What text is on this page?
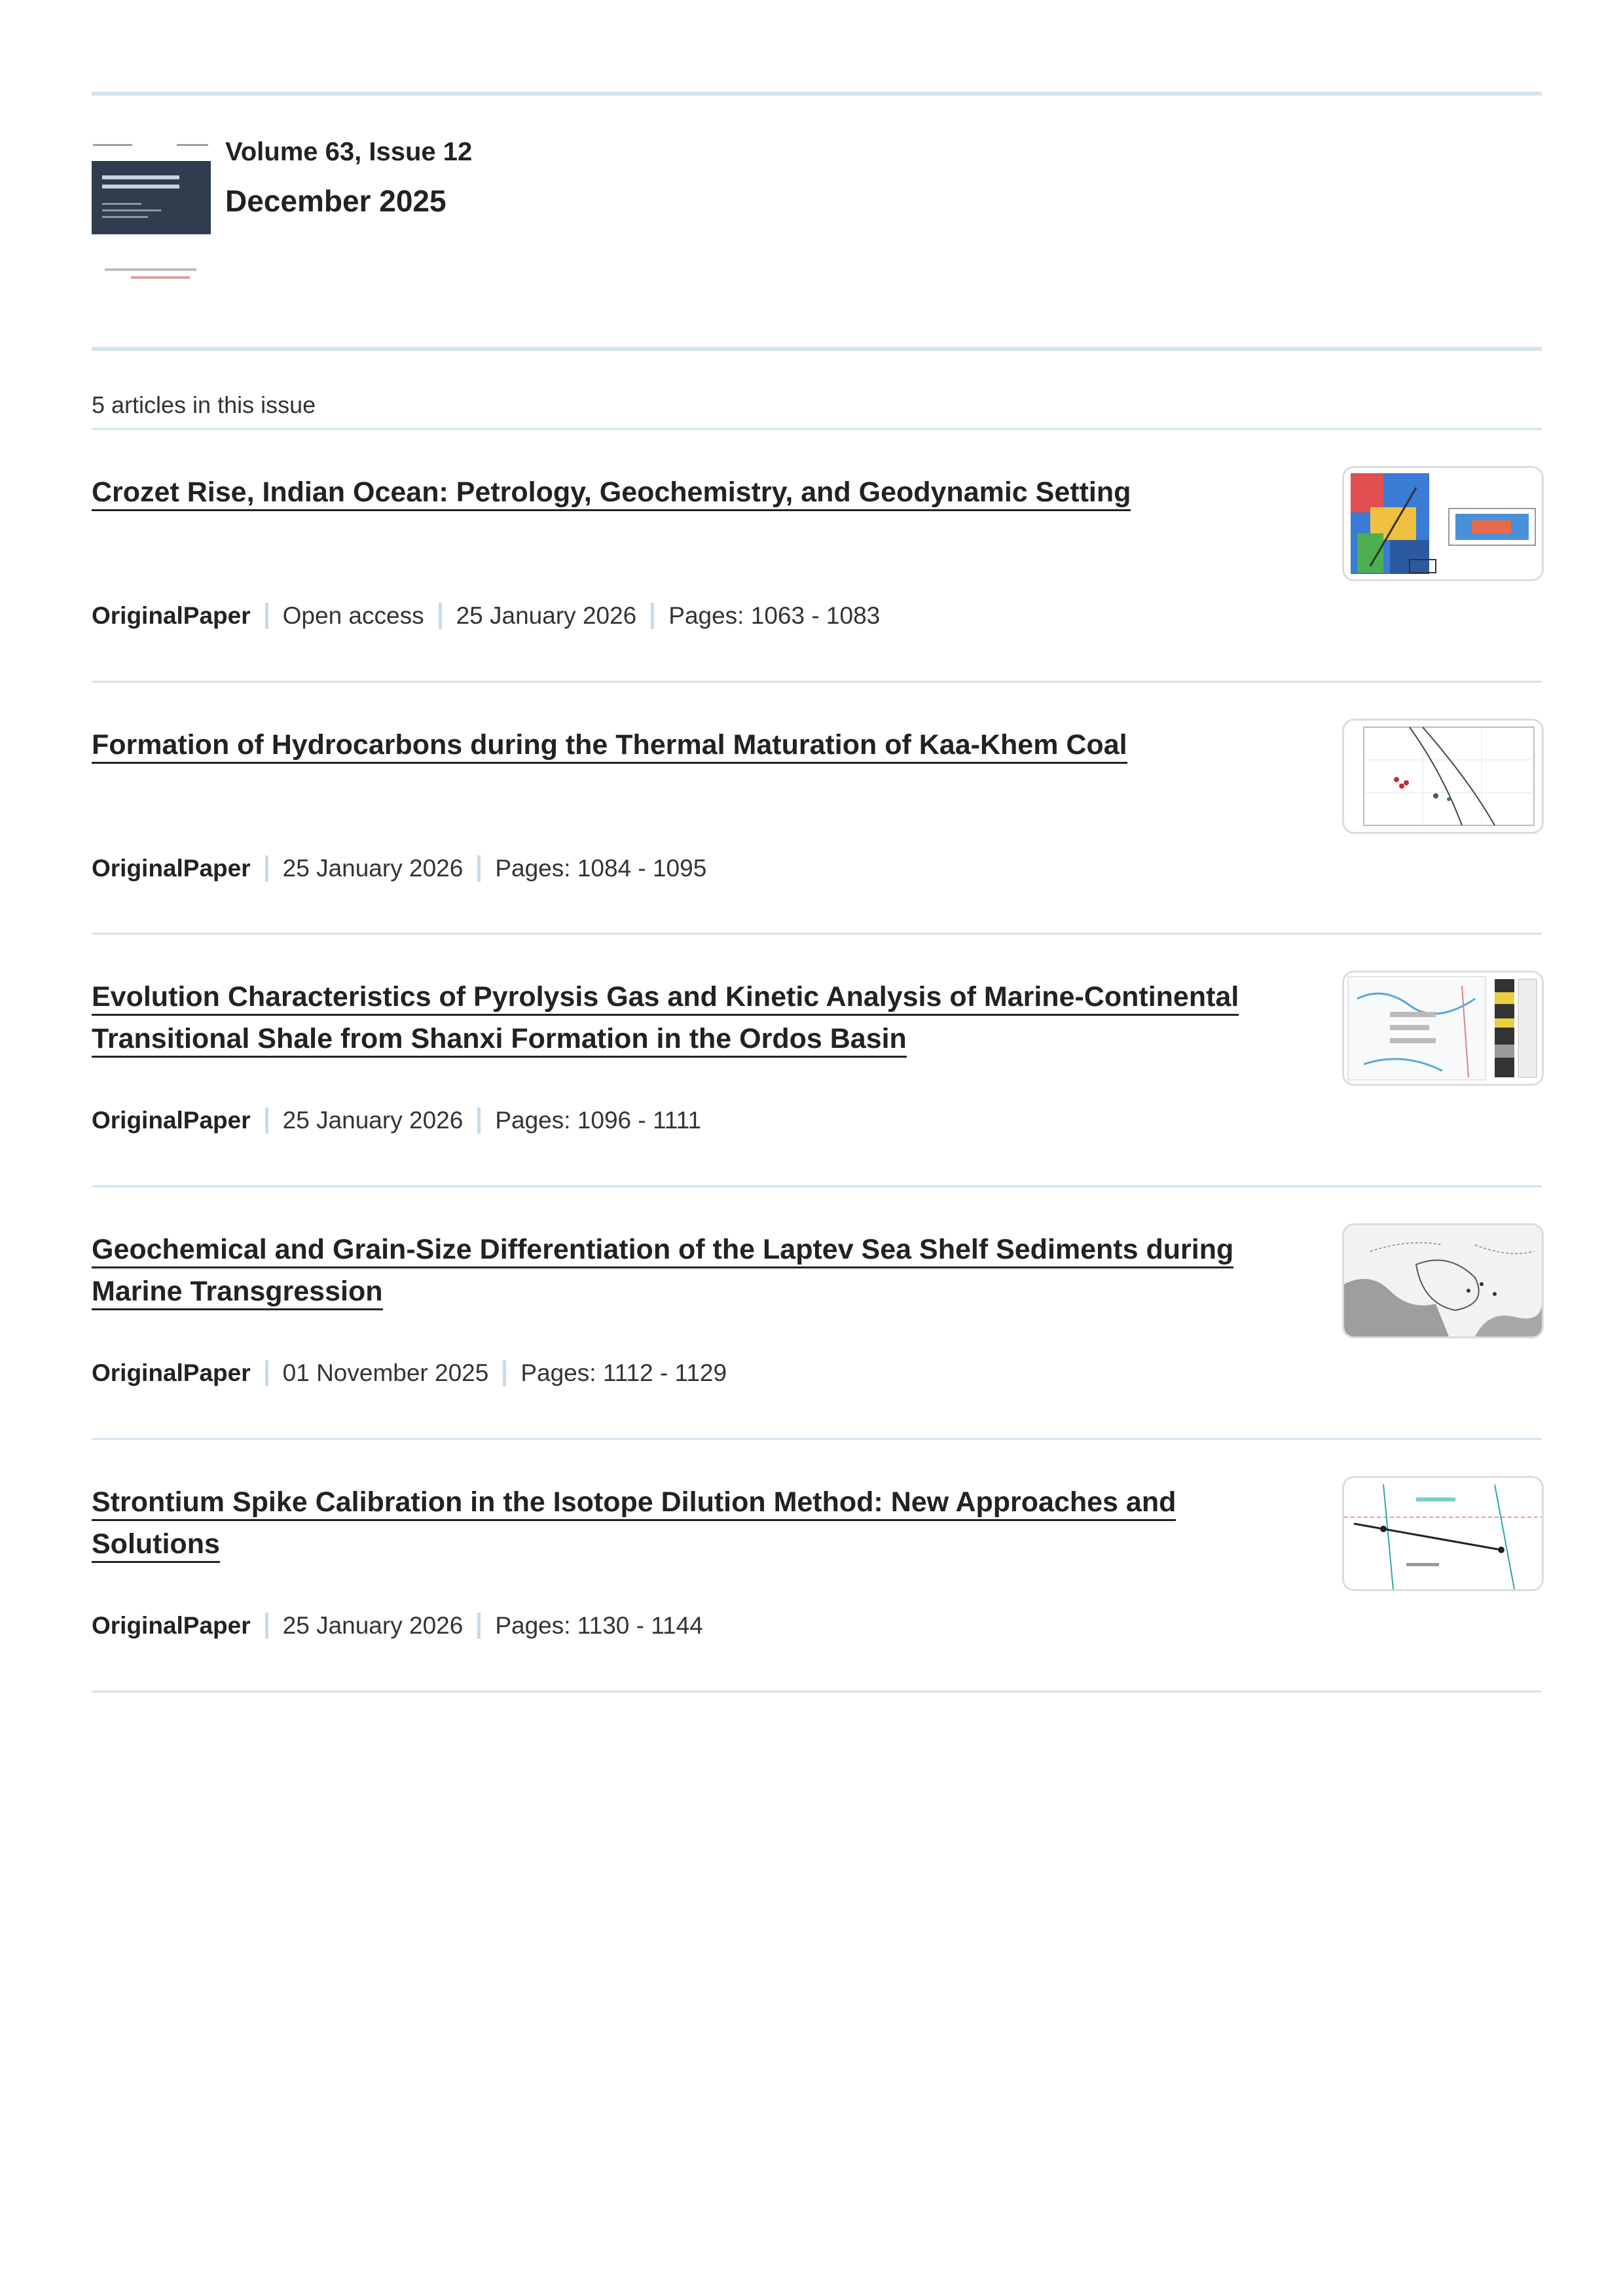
Volume 63, Issue 12
December 2025
5 articles in this issue
Crozet Rise, Indian Ocean: Petrology, Geochemistry, and Geodynamic Setting
OriginalPaper Open access 25 January 2026 Pages: 1063 - 1083
Formation of Hydrocarbons during the Thermal Maturation of Kaa-Khem Coal
OriginalPaper 25 January 2026 Pages: 1084 - 1095
Evolution Characteristics of Pyrolysis Gas and Kinetic Analysis of Marine-Continental Transitional Shale from Shanxi Formation in the Ordos Basin
OriginalPaper 25 January 2026 Pages: 1096 - 1111
Geochemical and Grain-Size Differentiation of the Laptev Sea Shelf Sediments during Marine Transgression
OriginalPaper 01 November 2025 Pages: 1112 - 1129
Strontium Spike Calibration in the Isotope Dilution Method: New Approaches and Solutions
OriginalPaper 25 January 2026 Pages: 1130 - 1144
